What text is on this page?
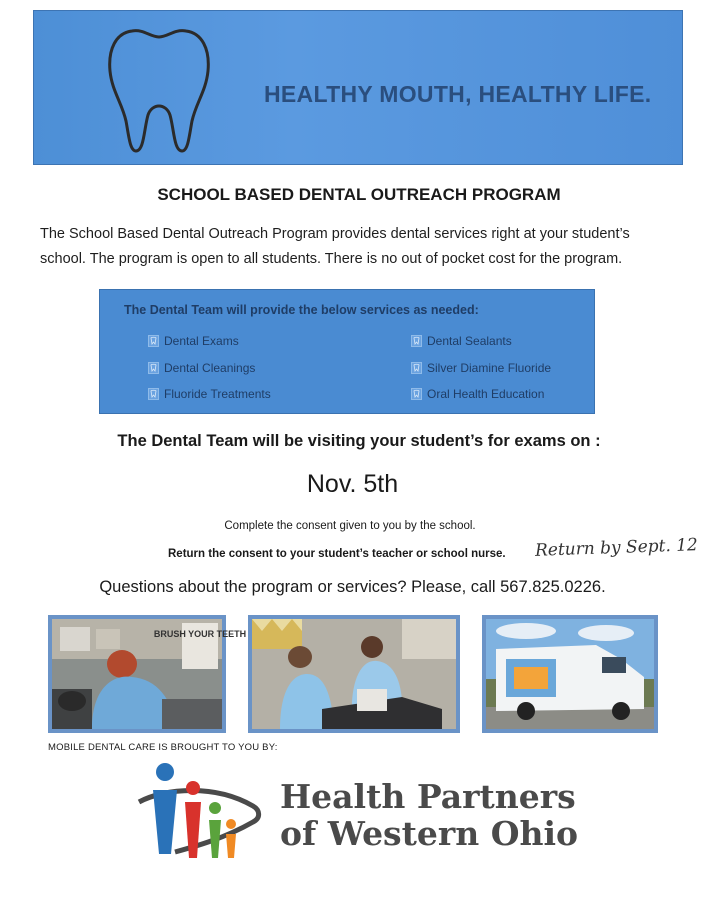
HEALTHY MOUTH, HEALTHY LIFE.
SCHOOL BASED DENTAL OUTREACH PROGRAM
The School Based Dental Outreach Program provides dental services right at your student’s
school. The program is open to all students. There is no out of pocket cost for the program.
The Dental Team will provide the below services as needed:
Dental Exams
Dental Cleanings
Fluoride Treatments
Dental Sealants
Silver Diamine Fluoride
Oral Health Education
The Dental Team will be visiting your student’s for exams on :
Nov. 5th
Complete the consent given to you by the school.
Return the consent to your student’s teacher or school nurse. Return by Sept. 12
Questions about the program or services? Please, call 567.825.0226.
BRUSH YOUR TEETH
MOBILE DENTAL CARE IS BROUGHT TO YOU BY:
Health Partners
of Western Ohio
